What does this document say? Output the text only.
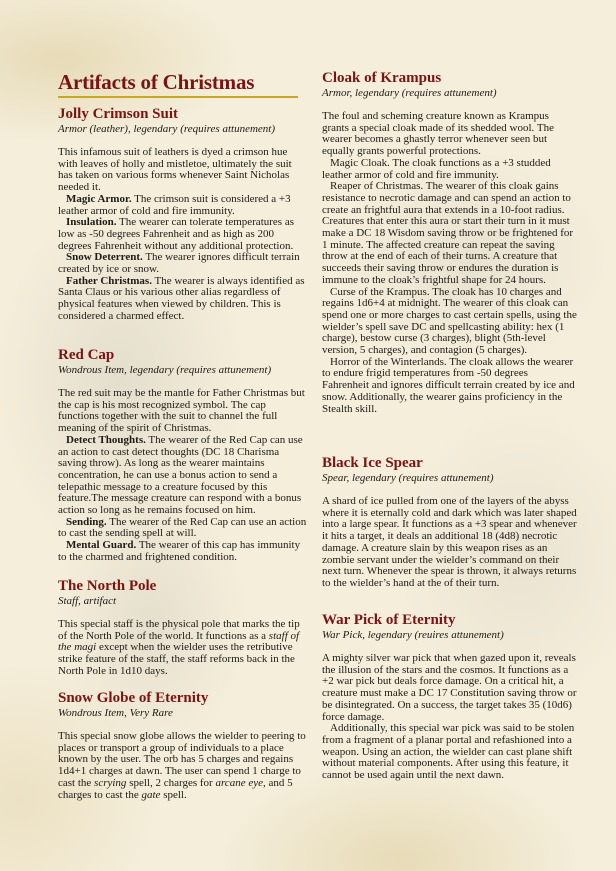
Artifacts of Christmas
Jolly Crimson Suit
Armor (leather), legendary (requires attunement)

This infamous suit of leathers is dyed a crimson hue with leaves of holly and mistletoe, ultimately the suit has taken on various forms whenever Saint Nicholas needed it.

Magic Armor. The crimson suit is considered a +3 leather armor of cold and fire immunity.

Insulation. The wearer can tolerate temperatures as low as -50 degrees Fahrenheit and as high as 200 degrees Fahrenheit without any additional protection.

Snow Deterrent. The wearer ignores difficult terrain created by ice or snow.

Father Christmas. The wearer is always identified as Santa Claus or his various other alias regardless of physical features when viewed by children. This is considered a charmed effect.

Red Cap
Wondrous Item, legendary (requires attunement)

The red suit may be the mantle for Father Christmas but the cap is his most recognized symbol. The cap functions together with the suit to channel the full meaning of the spirit of Christmas.

Detect Thoughts. The wearer of the Red Cap can use an action to cast detect thoughts (DC 18 Charisma saving throw). As long as the wearer maintains concentration, he can use a bonus action to send a telepathic message to a creature focused by this feature.The message creature can respond with a bonus action so long as he remains focused on him.

Sending. The wearer of the Red Cap can use an action to cast the sending spell at will.

Mental Guard. The wearer of this cap has immunity to the charmed and frightened condition.

The North Pole
Staff, artifact

This special staff is the physical pole that marks the tip of the North Pole of the world. It functions as a staff of the magi except when the wielder uses the retributive strike feature of the staff, the staff reforms back in the North Pole in 1d10 days.

Snow Globe of Eternity
Wondrous Item, Very Rare

This special snow globe allows the wielder to peering to places or transport a group of individuals to a place known by the user. The orb has 5 charges and regains 1d4+1 charges at dawn. The user can spend 1 charge to cast the scrying spell, 2 charges for arcane eye, and 5 charges to cast the gate spell.

Cloak of Krampus
Armor, legendary (requires attunement)

The foul and scheming creature known as Krampus grants a special cloak made of its shedded wool. The wearer becomes a ghastly terror whenever seen but equally grants powerful protections.

Magic Cloak. The cloak functions as a +3 studded leather armor of cold and fire immunity.

Reaper of Christmas. The wearer of this cloak gains resistance to necrotic damage and can spend an action to create an frightful aura that extends in a 10-foot radius. Creatures that enter this aura or start their turn in it must make a DC 18 Wisdom saving throw or be frightened for 1 minute. The affected creature can repeat the saving throw at the end of each of their turns. A creature that succeeds their saving throw or endures the duration is immune to the cloak’s frightful shape for 24 hours.

Curse of the Krampus. The cloak has 10 charges and regains 1d6+4 at midnight. The wearer of this cloak can spend one or more charges to cast certain spells, using the wielder’s spell save DC and spellcasting ability: hex (1 charge), bestow curse (3 charges), blight (5th-level version, 5 charges), and contagion (5 charges).

Horror of the Winterlands. The cloak allows the wearer to endure frigid temperatures from -50 degrees Fahrenheit and ignores difficult terrain created by ice and snow. Additionally, the wearer gains proficiency in the Stealth skill.

Black Ice Spear
Spear, legendary (requires attunement)

A shard of ice pulled from one of the layers of the abyss where it is eternally cold and dark which was later shaped into a large spear. It functions as a +3 spear and whenever it hits a target, it deals an additional 18 (4d8) necrotic damage. A creature slain by this weapon rises as an zombie servant under the wielder’s command on their next turn. Whenever the spear is thrown, it always returns to the wielder’s hand at the of their turn.

War Pick of Eternity
War Pick, legendary (reuires attunement)

A mighty silver war pick that when gazed upon it, reveals the illusion of the stars and the cosmos. It functions as a +2 war pick but deals force damage. On a critical hit, a creature must make a DC 17 Constitution saving throw or be disintegrated. On a success, the target takes 35 (10d6) force damage.

Additionally, this special war pick was said to be stolen from a fragment of a planar portal and refashioned into a weapon. Using an action, the wielder can cast plane shift without material components. After using this feature, it cannot be used again until the next dawn.
